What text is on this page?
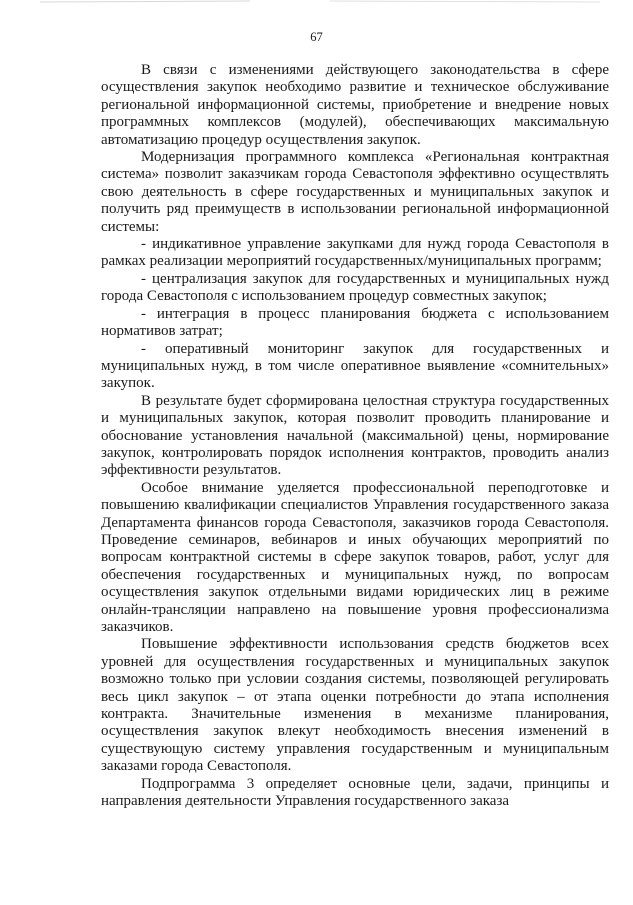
67

В связи с изменениями действующего законодательства в сфере осуществления закупок необходимо развитие и техническое обслуживание региональной информационной системы, приобретение и внедрение новых программных комплексов (модулей), обеспечивающих максимальную автоматизацию процедур осуществления закупок.

Модернизация программного комплекса «Региональная контрактная система» позволит заказчикам города Севастополя эффективно осуществлять свою деятельность в сфере государственных и муниципальных закупок и получить ряд преимуществ в использовании региональной информационной системы:

- индикативное управление закупками для нужд города Севастополя в рамках реализации мероприятий государственных/муниципальных программ;

- централизация закупок для государственных и муниципальных нужд города Севастополя с использованием процедур совместных закупок;

- интеграция в процесс планирования бюджета с использованием нормативов затрат;

- оперативный мониторинг закупок для государственных и муниципальных нужд, в том числе оперативное выявление «сомнительных» закупок.

В результате будет сформирована целостная структура государственных и муниципальных закупок, которая позволит проводить планирование и обоснование установления начальной (максимальной) цены, нормирование закупок, контролировать порядок исполнения контрактов, проводить анализ эффективности результатов.

Особое внимание уделяется профессиональной переподготовке и повышению квалификации специалистов Управления государственного заказа Департамента финансов города Севастополя, заказчиков города Севастополя. Проведение семинаров, вебинаров и иных обучающих мероприятий по вопросам контрактной системы в сфере закупок товаров, работ, услуг для обеспечения государственных и муниципальных нужд, по вопросам осуществления закупок отдельными видами юридических лиц в режиме онлайн-трансляции направлено на повышение уровня профессионализма заказчиков.

Повышение эффективности использования средств бюджетов всех уровней для осуществления государственных и муниципальных закупок возможно только при условии создания системы, позволяющей регулировать весь цикл закупок – от этапа оценки потребности до этапа исполнения контракта. Значительные изменения в механизме планирования, осуществления закупок влекут необходимость внесения изменений в существующую систему управления государственным и муниципальным заказами города Севастополя.

Подпрограмма 3 определяет основные цели, задачи, принципы и направления деятельности Управления государственного заказа
